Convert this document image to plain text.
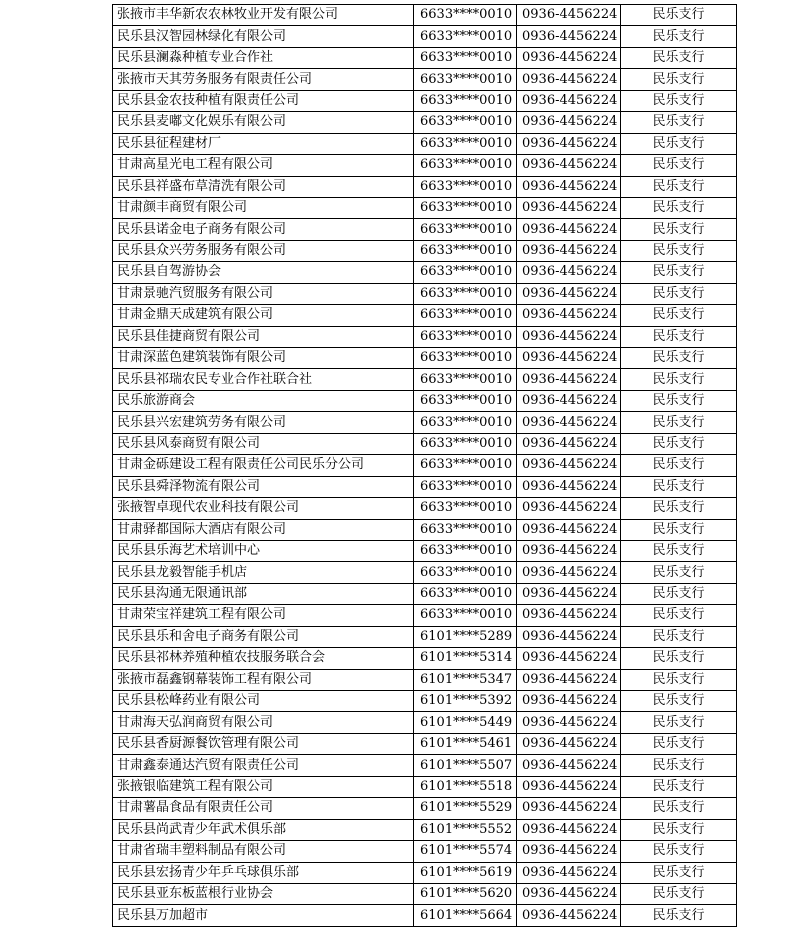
张掖市丰华新农农林牧业开发有限公司	6633****0010	0936-4456224	民乐支行
民乐县汉智园林绿化有限公司	6633****0010	0936-4456224	民乐支行
民乐县澜淼种植专业合作社	6633****0010	0936-4456224	民乐支行
张掖市天其劳务服务有限责任公司	6633****0010	0936-4456224	民乐支行
民乐县金农技种植有限责任公司	6633****0010	0936-4456224	民乐支行
民乐县麦嘟文化娱乐有限公司	6633****0010	0936-4456224	民乐支行
民乐县征程建材厂	6633****0010	0936-4456224	民乐支行
甘肃高星光电工程有限公司	6633****0010	0936-4456224	民乐支行
民乐县祥盛布草清洗有限公司	6633****0010	0936-4456224	民乐支行
甘肃颜丰商贸有限公司	6633****0010	0936-4456224	民乐支行
民乐县诺金电子商务有限公司	6633****0010	0936-4456224	民乐支行
民乐县众兴劳务服务有限公司	6633****0010	0936-4456224	民乐支行
民乐县自驾游协会	6633****0010	0936-4456224	民乐支行
甘肃景驰汽贸服务有限公司	6633****0010	0936-4456224	民乐支行
甘肃金鼎天成建筑有限公司	6633****0010	0936-4456224	民乐支行
民乐县佳捷商贸有限公司	6633****0010	0936-4456224	民乐支行
甘肃深蓝色建筑装饰有限公司	6633****0010	0936-4456224	民乐支行
民乐县祁瑞农民专业合作社联合社	6633****0010	0936-4456224	民乐支行
民乐旅游商会	6633****0010	0936-4456224	民乐支行
民乐县兴宏建筑劳务有限公司	6633****0010	0936-4456224	民乐支行
民乐县风泰商贸有限公司	6633****0010	0936-4456224	民乐支行
甘肃金砾建设工程有限责任公司民乐分公司	6633****0010	0936-4456224	民乐支行
民乐县舜泽物流有限公司	6633****0010	0936-4456224	民乐支行
张掖智卓现代农业科技有限公司	6633****0010	0936-4456224	民乐支行
甘肃驿都国际大酒店有限公司	6633****0010	0936-4456224	民乐支行
民乐县乐海艺术培训中心	6633****0010	0936-4456224	民乐支行
民乐县龙毅智能手机店	6633****0010	0936-4456224	民乐支行
民乐县沟通无限通讯部	6633****0010	0936-4456224	民乐支行
甘肃荣宝祥建筑工程有限公司	6633****0010	0936-4456224	民乐支行
民乐县乐和舍电子商务有限公司	6101****5289	0936-4456224	民乐支行
民乐县祁林养殖种植农技服务联合会	6101****5314	0936-4456224	民乐支行
张掖市磊鑫钢幕装饰工程有限公司	6101****5347	0936-4456224	民乐支行
民乐县松峰药业有限公司	6101****5392	0936-4456224	民乐支行
甘肃海天弘润商贸有限公司	6101****5449	0936-4456224	民乐支行
民乐县香厨源餐饮管理有限公司	6101****5461	0936-4456224	民乐支行
甘肃鑫泰通达汽贸有限责任公司	6101****5507	0936-4456224	民乐支行
张掖银临建筑工程有限公司	6101****5518	0936-4456224	民乐支行
甘肃薯晶食品有限责任公司	6101****5529	0936-4456224	民乐支行
民乐县尚武青少年武术俱乐部	6101****5552	0936-4456224	民乐支行
甘肃省瑞丰塑料制品有限公司	6101****5574	0936-4456224	民乐支行
民乐县宏扬青少年乒乓球俱乐部	6101****5619	0936-4456224	民乐支行
民乐县亚东板蓝根行业协会	6101****5620	0936-4456224	民乐支行
民乐县万加超市	6101****5664	0936-4456224	民乐支行
